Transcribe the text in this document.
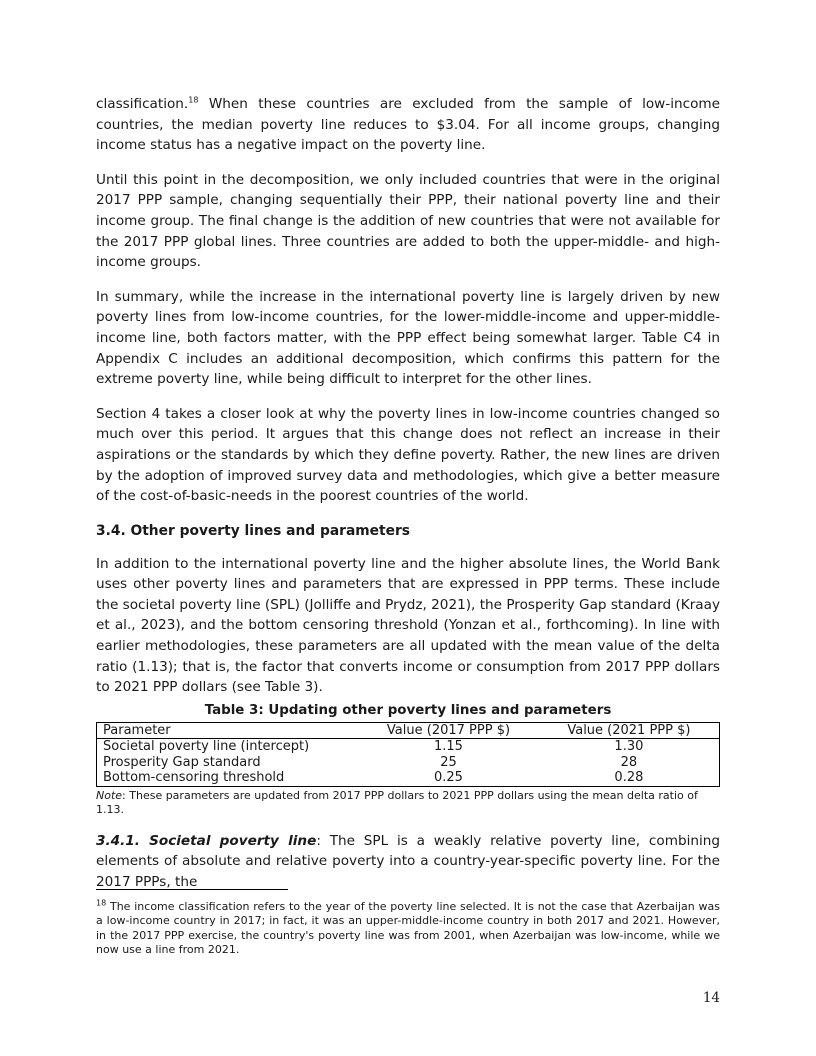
classification.$^{18}$ When these countries are excluded from the sample of low-income countries, the median poverty line reduces to $3.04. For all income groups, changing income status has a negative impact on the poverty line.

Until this point in the decomposition, we only included countries that were in the original 2017 PPP sample, changing sequentially their PPP, their national poverty line and their income group. The final change is the addition of new countries that were not available for the 2017 PPP global lines. Three countries are added to both the upper-middle- and high-income groups.

In summary, while the increase in the international poverty line is largely driven by new poverty lines from low-income countries, for the lower-middle-income and upper-middle-income line, both factors matter, with the PPP effect being somewhat larger. Table C4 in Appendix C includes an additional decomposition, which confirms this pattern for the extreme poverty line, while being difficult to interpret for the other lines.

Section 4 takes a closer look at why the poverty lines in low-income countries changed so much over this period. It argues that this change does not reflect an increase in their aspirations or the standards by which they define poverty. Rather, the new lines are driven by the adoption of improved survey data and methodologies, which give a better measure of the cost-of-basic-needs in the poorest countries of the world.

3.4. Other poverty lines and parameters

In addition to the international poverty line and the higher absolute lines, the World Bank uses other poverty lines and parameters that are expressed in PPP terms. These include the societal poverty line (SPL) (Jolliffe and Prydz, 2021), the Prosperity Gap standard (Kraay et al., 2023), and the bottom censoring threshold (Yonzan et al., forthcoming). In line with earlier methodologies, these parameters are all updated with the mean value of the delta ratio (1.13); that is, the factor that converts income or consumption from 2017 PPP dollars to 2021 PPP dollars (see Table 3).

Table 3: Updating other poverty lines and parameters
Parameter	Value (2017 PPP $)	Value (2021 PPP $)
Societal poverty line (intercept)	1.15	1.30
Prosperity Gap standard	25	28
Bottom-censoring threshold	0.25	0.28
Note: These parameters are updated from 2017 PPP dollars to 2021 PPP dollars using the mean delta ratio of 1.13.

3.4.1. Societal poverty line: The SPL is a weakly relative poverty line, combining elements of absolute and relative poverty into a country-year-specific poverty line. For the 2017 PPPs, the

$^{18}$ The income classification refers to the year of the poverty line selected. It is not the case that Azerbaijan was a low-income country in 2017; in fact, it was an upper-middle-income country in both 2017 and 2021. However, in the 2017 PPP exercise, the country's poverty line was from 2001, when Azerbaijan was low-income, while we now use a line from 2021.
14
